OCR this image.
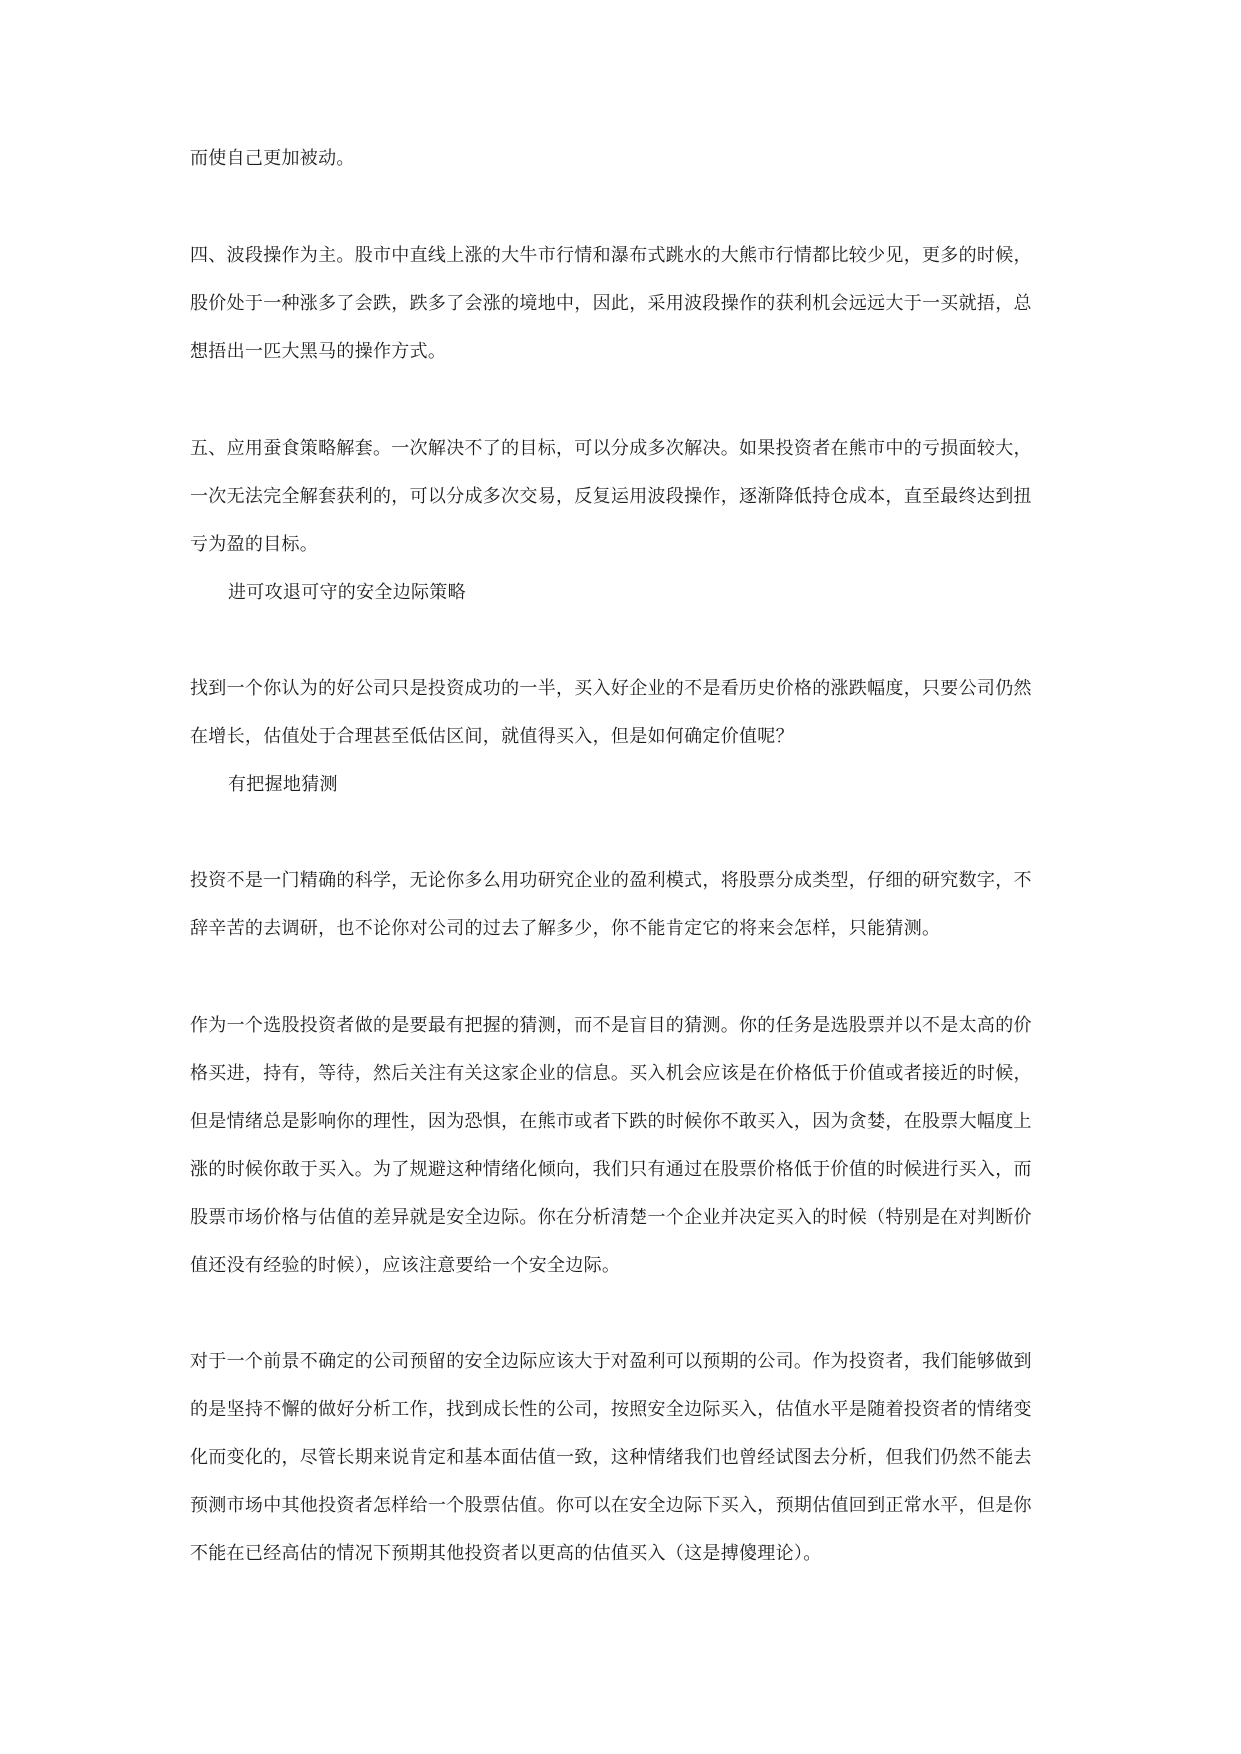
而使自己更加被动。

四、波段操作为主。股市中直线上涨的大牛市行情和瀑布式跳水的大熊市行情都比较少见，更多的时候，
股价处于一种涨多了会跌，跌多了会涨的境地中，因此，采用波段操作的获利机会远远大于一买就捂，总
想捂出一匹大黑马的操作方式。

五、应用蚕食策略解套。一次解决不了的目标，可以分成多次解决。如果投资者在熊市中的亏损面较大，
一次无法完全解套获利的，可以分成多次交易，反复运用波段操作，逐渐降低持仓成本，直至最终达到扭
亏为盈的目标。

进可攻退可守的安全边际策略

找到一个你认为的好公司只是投资成功的一半，买入好企业的不是看历史价格的涨跌幅度，只要公司仍然
在增长，估值处于合理甚至低估区间，就值得买入，但是如何确定价值呢？

有把握地猜测

投资不是一门精确的科学，无论你多么用功研究企业的盈利模式，将股票分成类型，仔细的研究数字，不
辞辛苦的去调研，也不论你对公司的过去了解多少，你不能肯定它的将来会怎样，只能猜测。

作为一个选股投资者做的是要最有把握的猜测，而不是盲目的猜测。你的任务是选股票并以不是太高的价
格买进，持有，等待，然后关注有关这家企业的信息。买入机会应该是在价格低于价值或者接近的时候，
但是情绪总是影响你的理性，因为恐惧，在熊市或者下跌的时候你不敢买入，因为贪婪，在股票大幅度上
涨的时候你敢于买入。为了规避这种情绪化倾向，我们只有通过在股票价格低于价值的时候进行买入，而
股票市场价格与估值的差异就是安全边际。你在分析清楚一个企业并决定买入的时候（特别是在对判断价
值还没有经验的时候），应该注意要给一个安全边际。

对于一个前景不确定的公司预留的安全边际应该大于对盈利可以预期的公司。作为投资者，我们能够做到
的是坚持不懈的做好分析工作，找到成长性的公司，按照安全边际买入，估值水平是随着投资者的情绪变
化而变化的，尽管长期来说肯定和基本面估值一致，这种情绪我们也曾经试图去分析，但我们仍然不能去
预测市场中其他投资者怎样给一个股票估值。你可以在安全边际下买入，预期估值回到正常水平，但是你
不能在已经高估的情况下预期其他投资者以更高的估值买入（这是搏傻理论）。
